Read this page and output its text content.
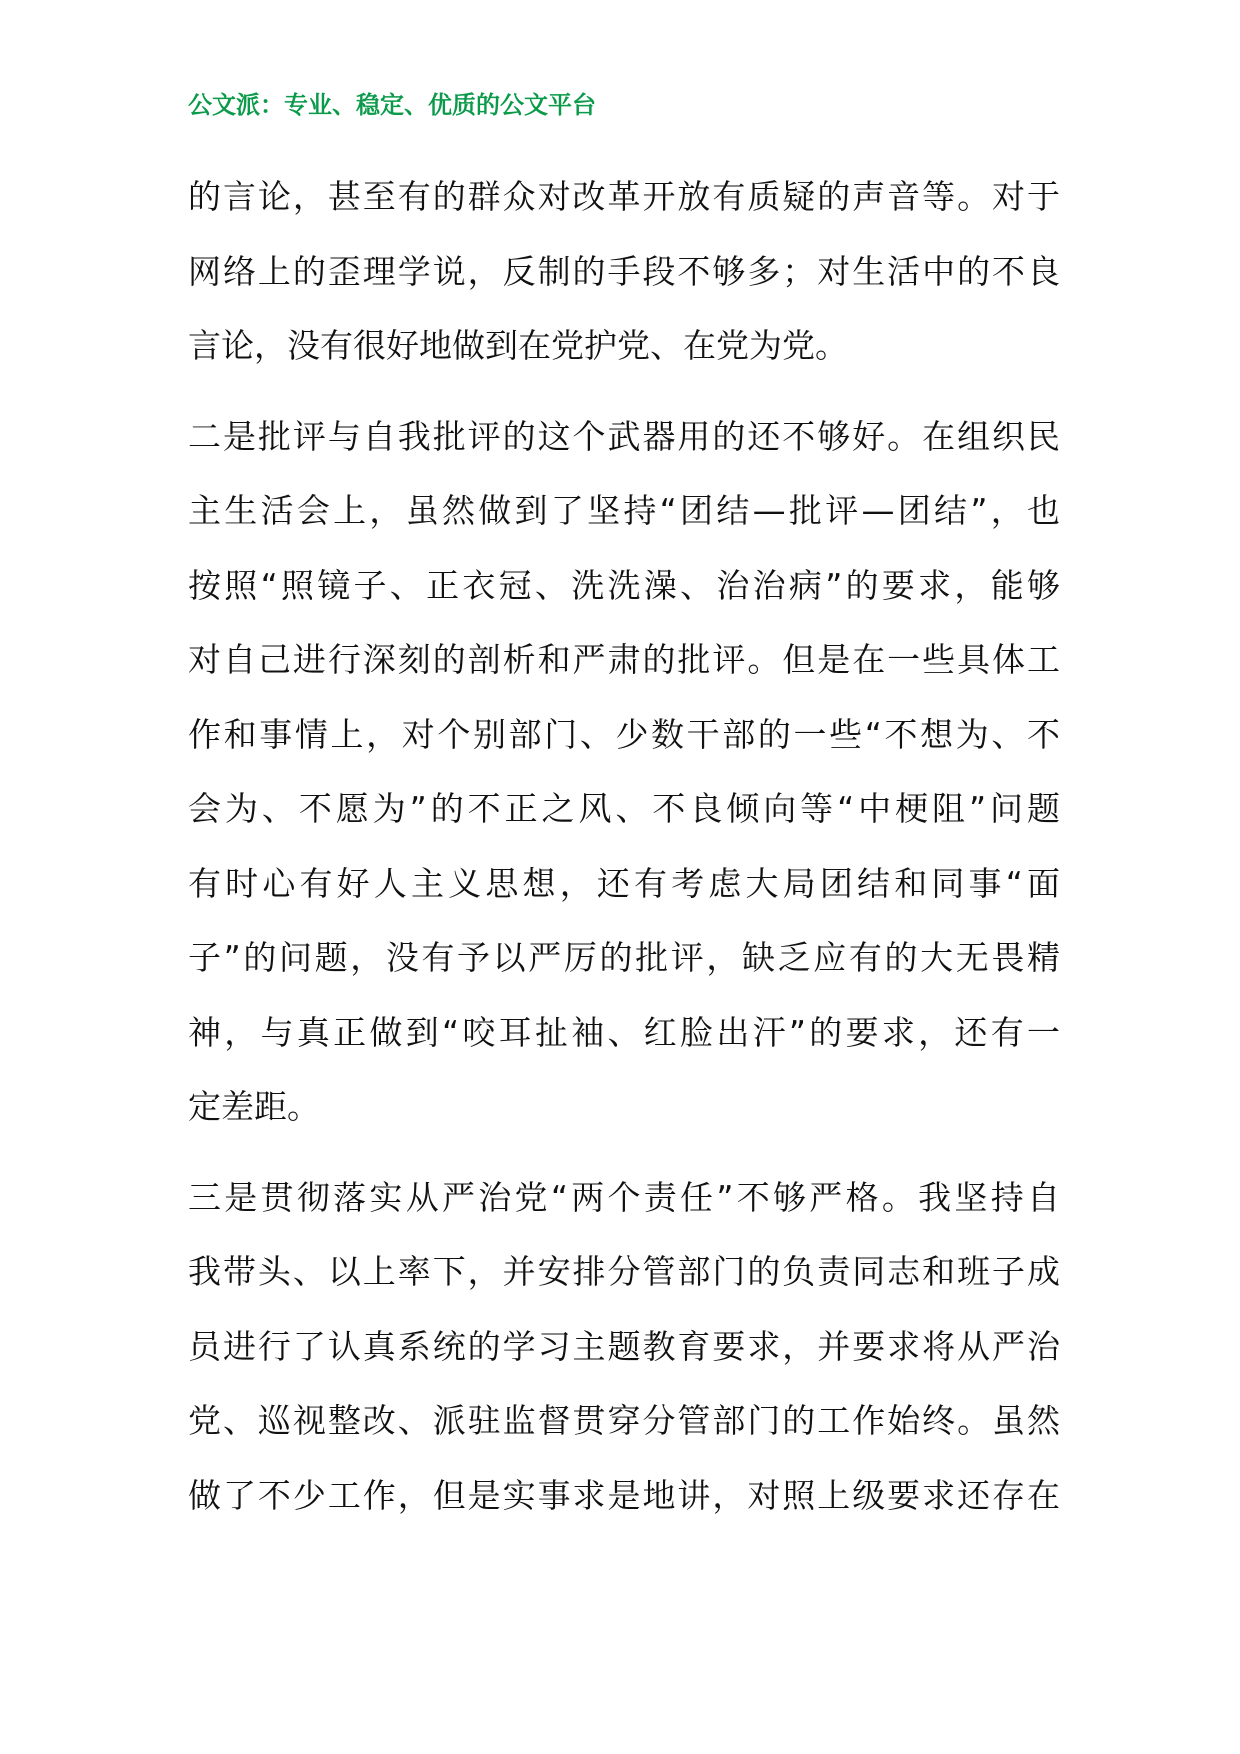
公文派：专业、稳定、优质的公文平台

的言论，甚至有的群众对改革开放有质疑的声音等。对于
网络上的歪理学说，反制的手段不够多；对生活中的不良
言论，没有很好地做到在党护党、在党为党。

二是批评与自我批评的这个武器用的还不够好。在组织民
主生活会上，虽然做到了坚持“团结—批评—团结”，也
按照“照镜子、正衣冠、洗洗澡、治治病”的要求，能够
对自己进行深刻的剖析和严肃的批评。但是在一些具体工
作和事情上，对个别部门、少数干部的一些“不想为、不
会为、不愿为”的不正之风、不良倾向等“中梗阻”问题
有时心有好人主义思想，还有考虑大局团结和同事“面
子”的问题，没有予以严厉的批评，缺乏应有的大无畏精
神，与真正做到“咬耳扯袖、红脸出汗”的要求，还有一
定差距。

三是贯彻落实从严治党“两个责任”不够严格。我坚持自
我带头、以上率下，并安排分管部门的负责同志和班子成
员进行了认真系统的学习主题教育要求，并要求将从严治
党、巡视整改、派驻监督贯穿分管部门的工作始终。虽然
做了不少工作，但是实事求是地讲，对照上级要求还存在
